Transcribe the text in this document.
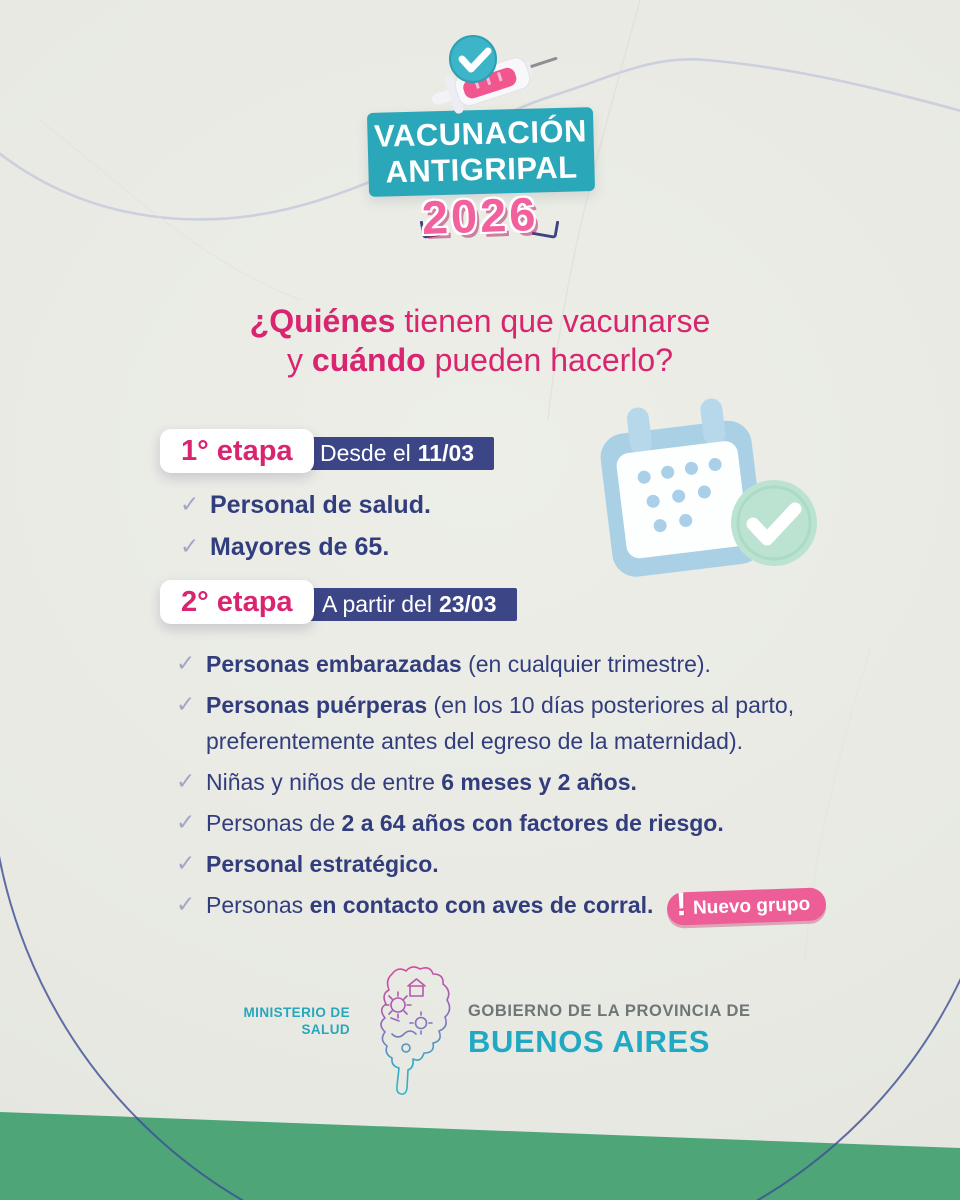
VACUNACIÓN
ANTIGRIPAL
2026
¿Quiénes tienen que vacunarse
y cuándo pueden hacerlo?
Desde el 11/03
1° etapa
✓ Personal de salud.
✓ Mayores de 65.
A partir del 23/03
2° etapa
✓ Personas embarazadas (en cualquier trimestre).
✓ Personas puérperas (en los 10 días posteriores al parto, preferentemente antes del egreso de la maternidad).
✓ Niñas y niños de entre 6 meses y 2 años.
✓ Personas de 2 a 64 años con factores de riesgo.
✓ Personal estratégico.
✓ Personas en contacto con aves de corral. ! Nuevo grupo
MINISTERIO DE
SALUD
GOBIERNO DE LA PROVINCIA DE
BUENOS AIRES
